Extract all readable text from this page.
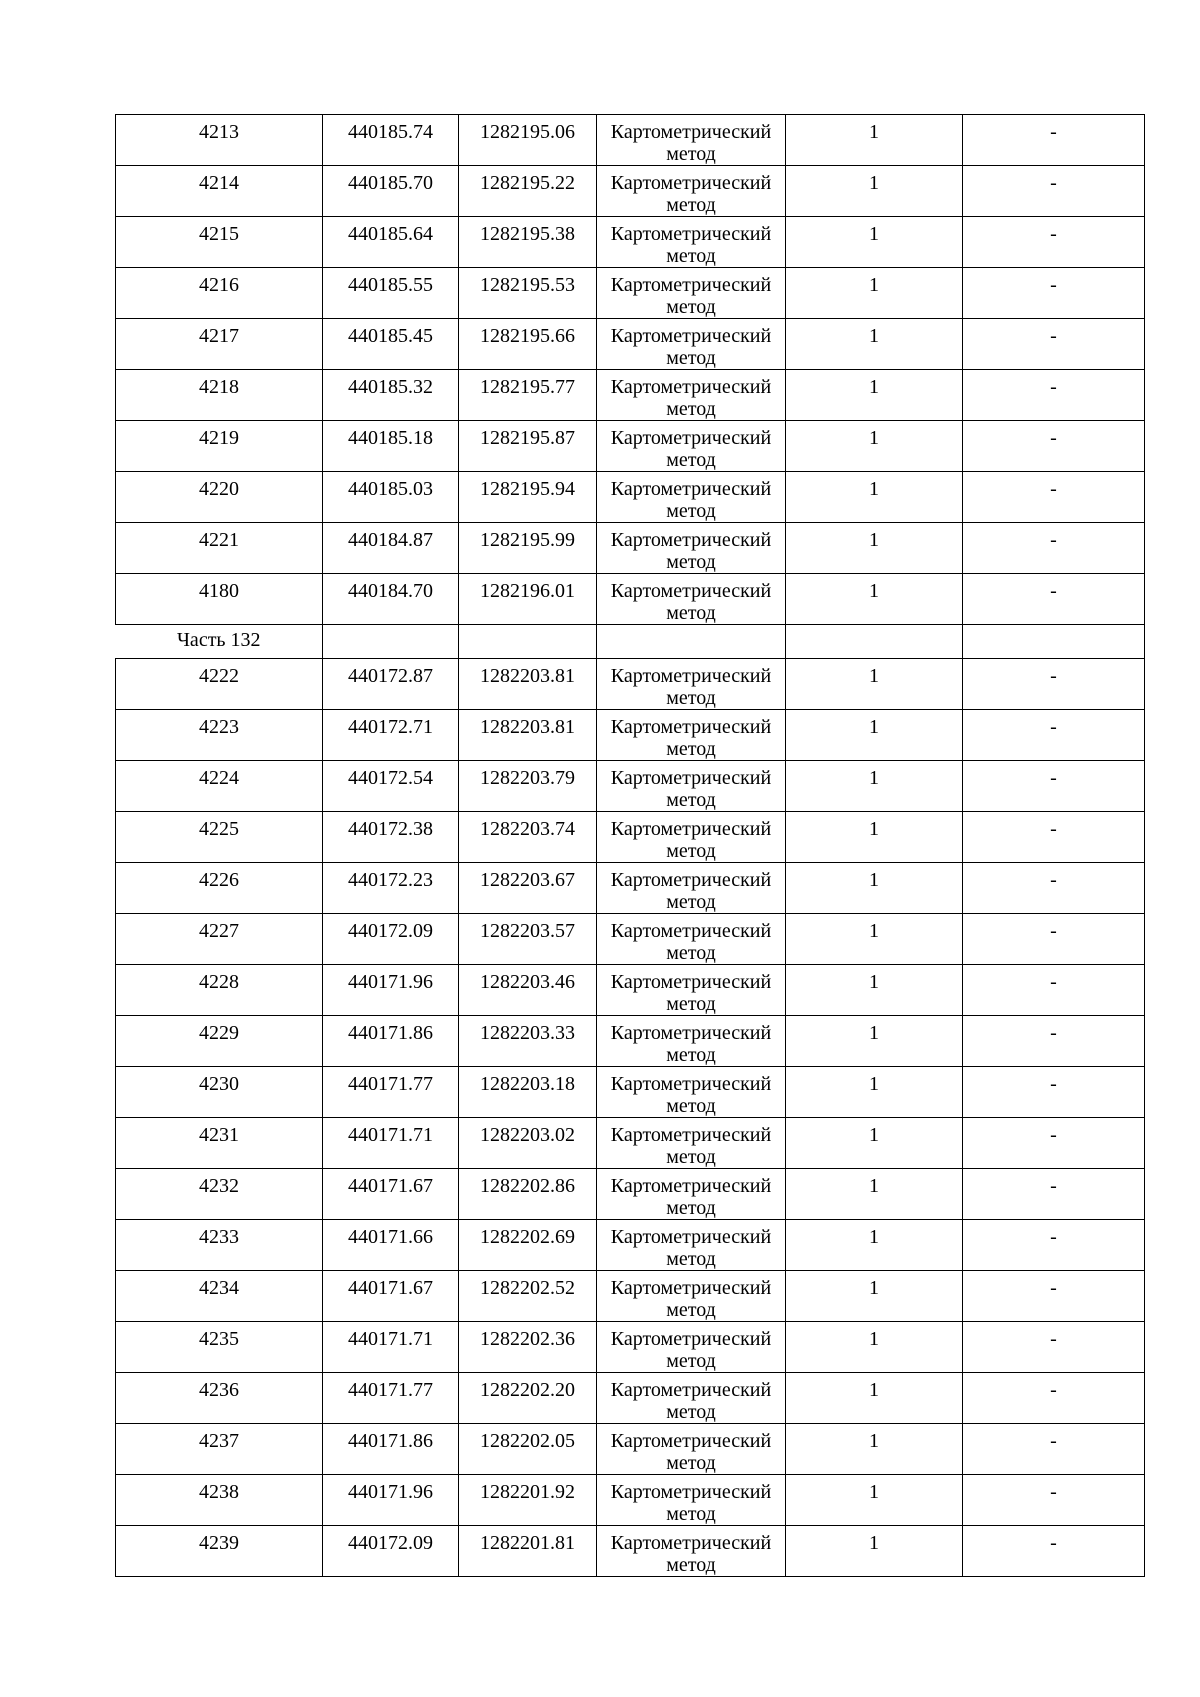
4213	440185.74	1282195.06	Картометрический метод	1	-
4214	440185.70	1282195.22	Картометрический метод	1	-
4215	440185.64	1282195.38	Картометрический метод	1	-
4216	440185.55	1282195.53	Картометрический метод	1	-
4217	440185.45	1282195.66	Картометрический метод	1	-
4218	440185.32	1282195.77	Картометрический метод	1	-
4219	440185.18	1282195.87	Картометрический метод	1	-
4220	440185.03	1282195.94	Картометрический метод	1	-
4221	440184.87	1282195.99	Картометрический метод	1	-
4180	440184.70	1282196.01	Картометрический метод	1	-
Часть 132					
4222	440172.87	1282203.81	Картометрический метод	1	-
4223	440172.71	1282203.81	Картометрический метод	1	-
4224	440172.54	1282203.79	Картометрический метод	1	-
4225	440172.38	1282203.74	Картометрический метод	1	-
4226	440172.23	1282203.67	Картометрический метод	1	-
4227	440172.09	1282203.57	Картометрический метод	1	-
4228	440171.96	1282203.46	Картометрический метод	1	-
4229	440171.86	1282203.33	Картометрический метод	1	-
4230	440171.77	1282203.18	Картометрический метод	1	-
4231	440171.71	1282203.02	Картометрический метод	1	-
4232	440171.67	1282202.86	Картометрический метод	1	-
4233	440171.66	1282202.69	Картометрический метод	1	-
4234	440171.67	1282202.52	Картометрический метод	1	-
4235	440171.71	1282202.36	Картометрический метод	1	-
4236	440171.77	1282202.20	Картометрический метод	1	-
4237	440171.86	1282202.05	Картометрический метод	1	-
4238	440171.96	1282201.92	Картометрический метод	1	-
4239	440172.09	1282201.81	Картометрический метод	1	-
